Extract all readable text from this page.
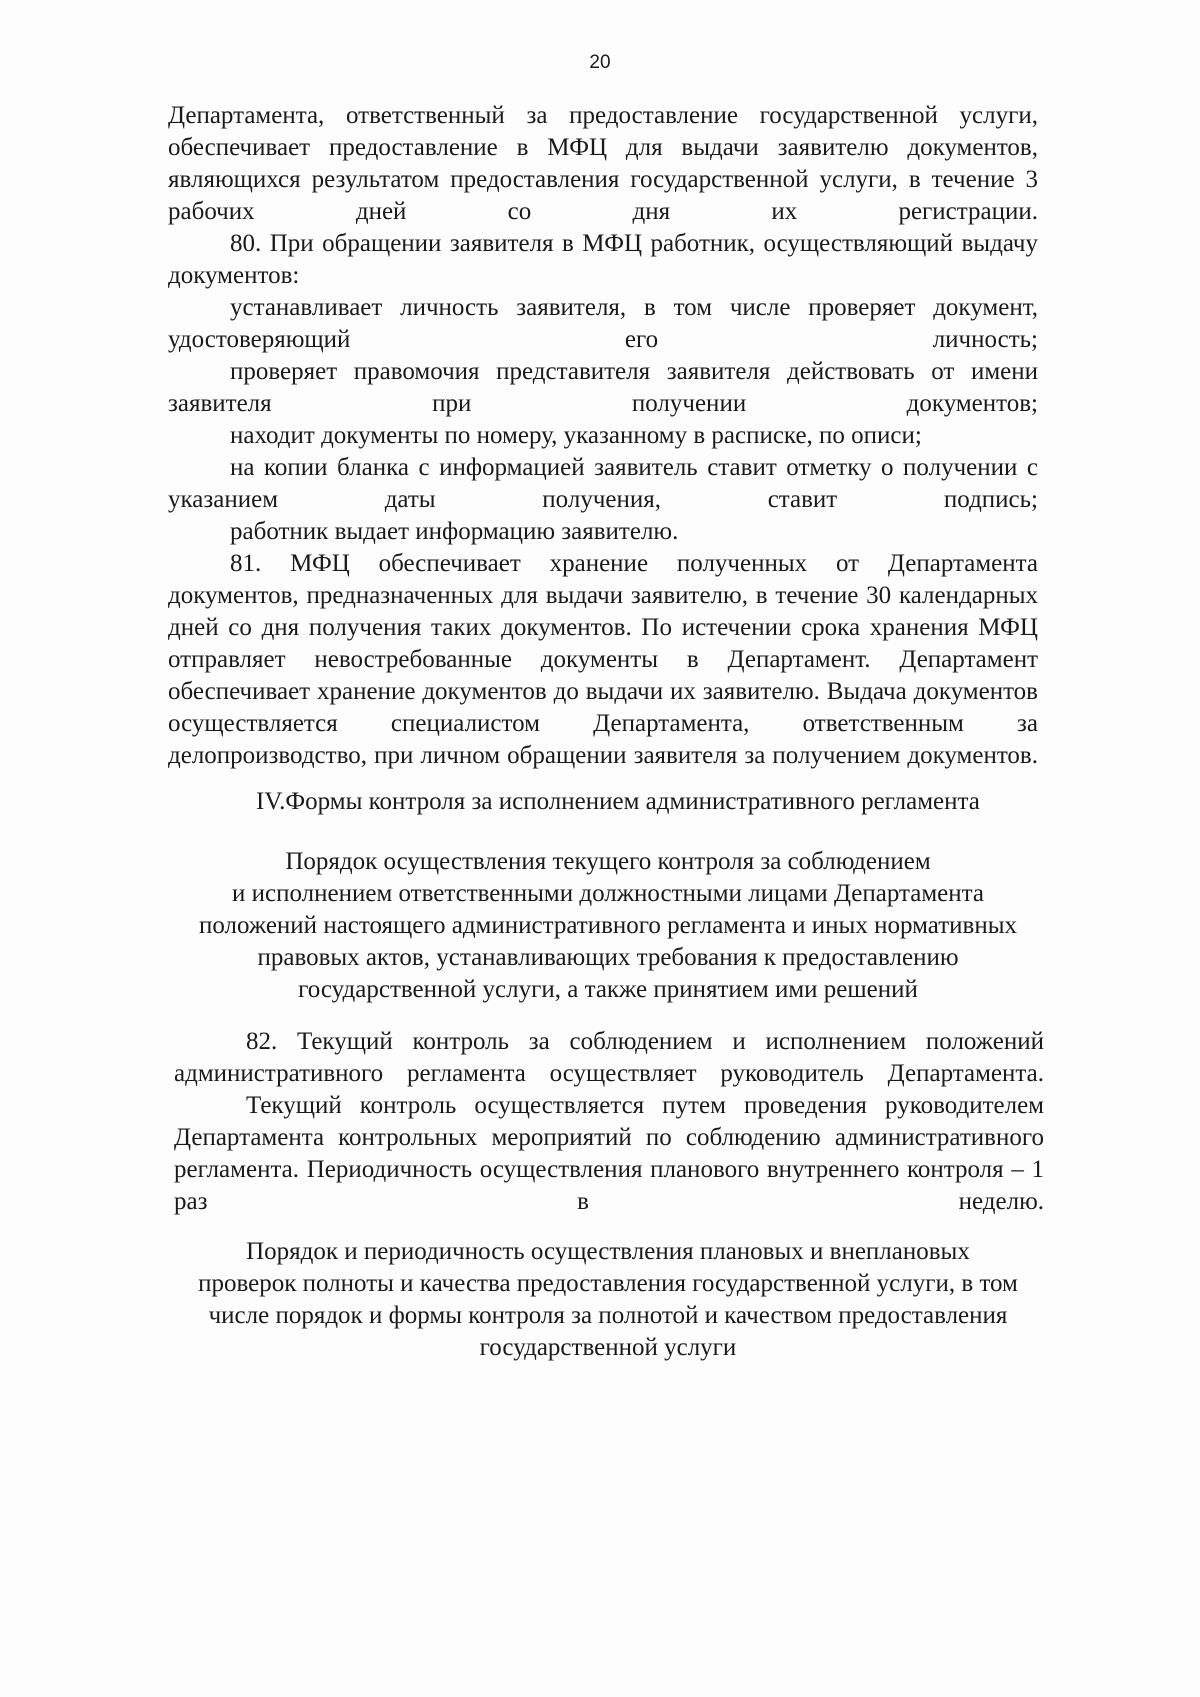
20

Департамента, ответственный за предоставление государственной услуги, обеспечивает предоставление в МФЦ для выдачи заявителю документов, являющихся результатом предоставления государственной услуги, в течение 3 рабочих дней со дня их регистрации.

80. При обращении заявителя в МФЦ работник, осуществляющий выдачу документов:

устанавливает личность заявителя, в том числе проверяет документ, удостоверяющий его личность;

проверяет правомочия представителя заявителя действовать от имени заявителя при получении документов;

находит документы по номеру, указанному в расписке, по описи;

на копии бланка с информацией заявитель ставит отметку о получении с указанием даты получения, ставит подпись;

работник выдает информацию заявителю.

81. МФЦ обеспечивает хранение полученных от Департамента документов, предназначенных для выдачи заявителю, в течение 30 календарных дней со дня получения таких документов. По истечении срока хранения МФЦ отправляет невостребованные документы в Департамент. Департамент обеспечивает хранение документов до выдачи их заявителю. Выдача документов осуществляется специалистом Департамента, ответственным за делопроизводство, при личном обращении заявителя за получением документов.

IV.Формы контроля за исполнением административного регламента

Порядок осуществления текущего контроля за соблюдением

и исполнением ответственными должностными лицами Департамента

положений настоящего административного регламента и иных нормативных

правовых актов, устанавливающих требования к предоставлению

государственной услуги, а также принятием ими решений

82. Текущий контроль за соблюдением и исполнением положений административного регламента осуществляет руководитель Департамента.

Текущий контроль осуществляется путем проведения руководителем Департамента контрольных мероприятий по соблюдению административного регламента. Периодичность осуществления планового внутреннего контроля – 1 раз в неделю.

Порядок и периодичность осуществления плановых и внеплановых

проверок полноты и качества предоставления государственной услуги, в том

числе порядок и формы контроля за полнотой и качеством предоставления

государственной услуги
